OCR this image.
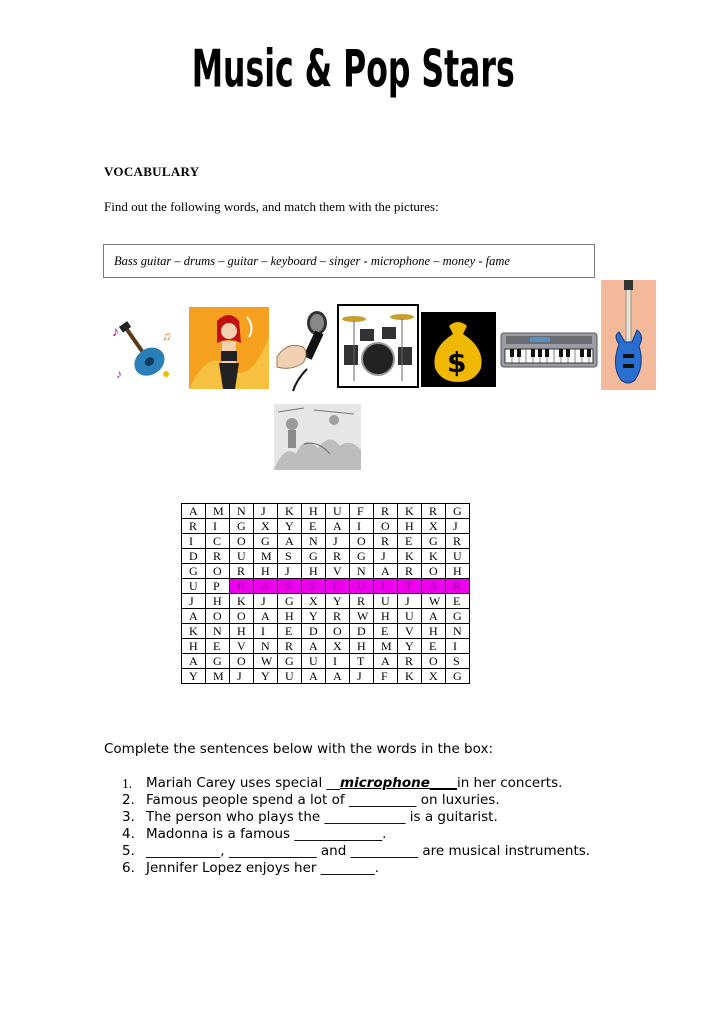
Music & Pop Stars
VOCABULARY
Find out the following words, and match them with the pictures:
Bass guitar – drums – guitar – keyboard – singer - microphone – money - fame
♪	♫
♪	$
A	M	N	J	K	H	U	F	R	K	R	G
R	I	G	X	Y	E	A	I	O	H	X	J
I	C	O	G	A	N	J	O	R	E	G	R
D	R	U	M	S	G	R	G	J	K	K	U
G	O	R	H	J	H	V	N	A	R	O	H
U	P	B	A	S	S	G	U	I	T	A	R
J	H	K	J	G	X	Y	R	U	J	W	E
A	O	O	A	H	Y	R	W	H	U	A	G
K	N	H	I	E	D	O	D	E	V	H	N
H	E	V	N	R	A	X	H	M	Y	E	I
A	G	O	W	G	U	I	T	A	R	O	S
Y	M	J	Y	U	A	A	J	F	K	X	G
Complete the sentences below with the words in the box:
1. Mariah Carey uses special __microphone____in her concerts.
2. Famous people spend a lot of __________ on luxuries.
3. The person who plays the ____________ is a guitarist.
4. Madonna is a famous _____________.
5. ___________, _____________ and __________ are musical instruments.
6. Jennifer Lopez enjoys her ________.
